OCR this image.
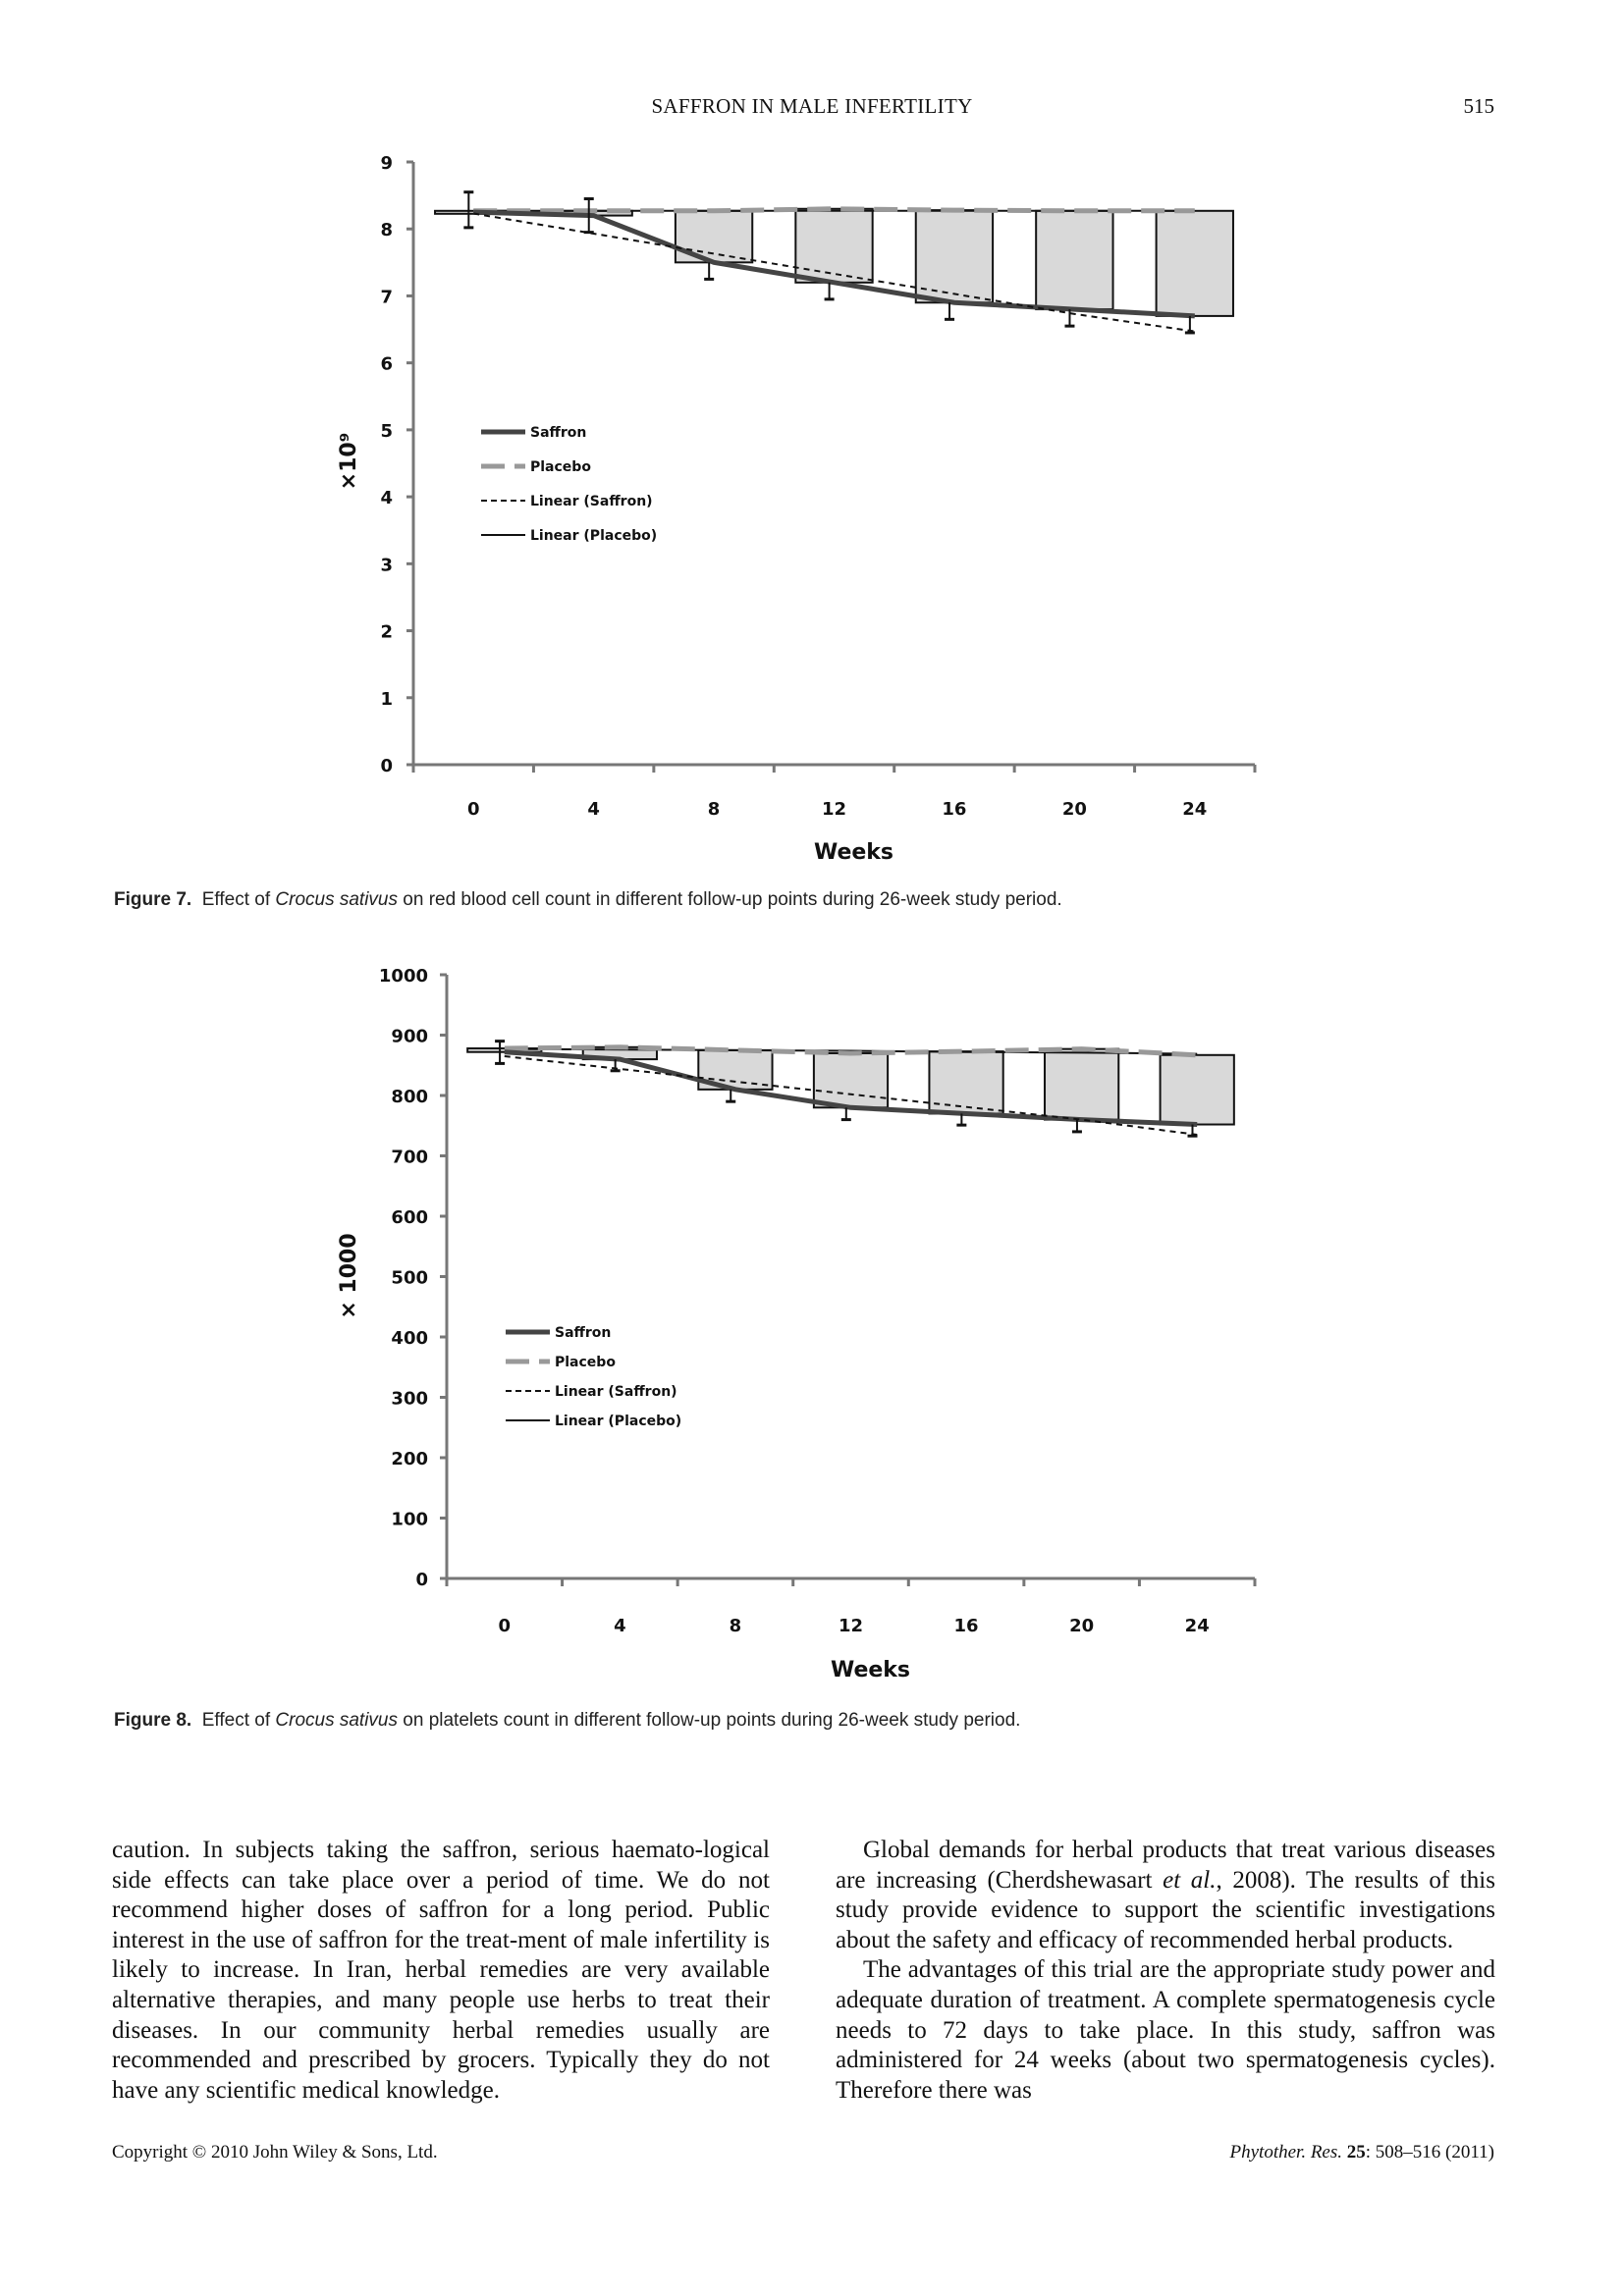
SAFFRON IN MALE INFERTILITY	515
0
1
2
3
4
5
6
7
8
9
0	4	8	12	16	20	24
Weeks
×10⁹	Saffron
Placebo
Linear (Saffron)
Linear (Placebo)
Figure 7. Effect of Crocus sativus on red blood cell count in different follow-up points during 26-week study period.
0
100
200
300
400
500
600
700
800
900
1000
0	4	8	12	16	20	24
Weeks
× 1000
Saffron
Placebo
Linear (Saffron)
Linear (Placebo)
Figure 8. Effect of Crocus sativus on platelets count in different follow-up points during 26-week study period.

caution. In subjects taking the saffron, serious haemato-logical side effects can take place over a period of time. We do not recommend higher doses of saffron for a long period. Public interest in the use of saffron for the treat-ment of male infertility is likely to increase. In Iran, herbal remedies are very available alternative therapies, and many people use herbs to treat their diseases. In our community herbal remedies usually are recommended and prescribed by grocers. Typically they do not have any scientific medical knowledge.

Global demands for herbal products that treat various diseases are increasing (Cherdshewasart et al., 2008). The results of this study provide evidence to support the scientific investigations about the safety and efficacy of recommended herbal products.

The advantages of this trial are the appropriate study power and adequate duration of treatment. A complete spermatogenesis cycle needs to 72 days to take place. In this study, saffron was administered for 24 weeks (about two spermatogenesis cycles). Therefore there was

Copyright © 2010 John Wiley & Sons, Ltd.	Phytother. Res. 25: 508–516 (2011)
